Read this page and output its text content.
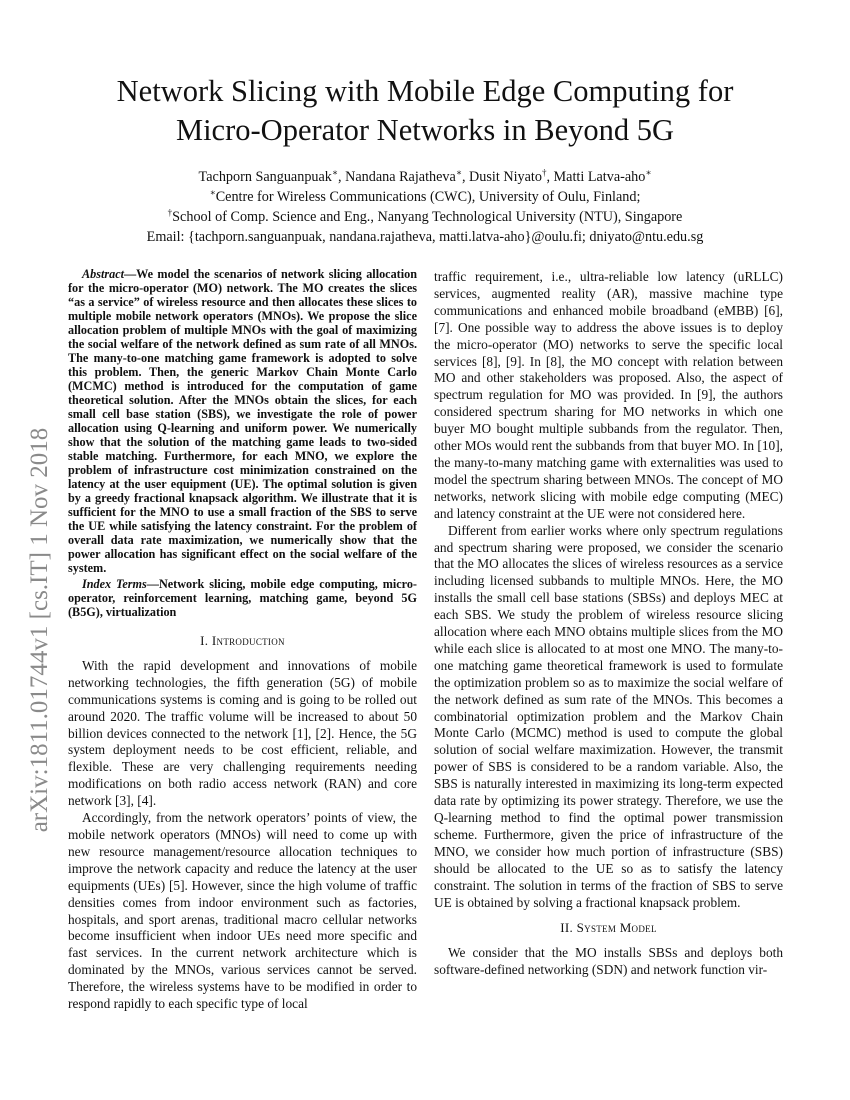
arXiv:1811.01744v1 [cs.IT] 1 Nov 2018
Network Slicing with Mobile Edge Computing for
Micro-Operator Networks in Beyond 5G
Tachporn Sanguanpuak∗, Nandana Rajatheva∗, Dusit Niyato†, Matti Latva-aho∗
∗Centre for Wireless Communications (CWC), University of Oulu, Finland;
†School of Comp. Science and Eng., Nanyang Technological University (NTU), Singapore
Email: {tachporn.sanguanpuak, nandana.rajatheva, matti.latva-aho}@oulu.fi; dniyato@ntu.edu.sg

Abstract—We model the scenarios of network slicing allocation for the micro-operator (MO) network. The MO creates the slices “as a service” of wireless resource and then allocates these slices to multiple mobile network operators (MNOs). We propose the slice allocation problem of multiple MNOs with the goal of maximizing the social welfare of the network defined as sum rate of all MNOs. The many-to-one matching game framework is adopted to solve this problem. Then, the generic Markov Chain Monte Carlo (MCMC) method is introduced for the computation of game theoretical solution. After the MNOs obtain the slices, for each small cell base station (SBS), we investigate the role of power allocation using Q-learning and uniform power. We numerically show that the solution of the matching game leads to two-sided stable matching. Furthermore, for each MNO, we explore the problem of infrastructure cost minimization constrained on the latency at the user equipment (UE). The optimal solution is given by a greedy fractional knapsack algorithm. We illustrate that it is sufficient for the MNO to use a small fraction of the SBS to serve the UE while satisfying the latency constraint. For the problem of overall data rate maximization, we numerically show that the power allocation has significant effect on the social welfare of the system.

Index Terms—Network slicing, mobile edge computing, micro-operator, reinforcement learning, matching game, beyond 5G (B5G), virtualization

I. Introduction

With the rapid development and innovations of mobile networking technologies, the fifth generation (5G) of mobile communications systems is coming and is going to be rolled out around 2020. The traffic volume will be increased to about 50 billion devices connected to the network [1], [2]. Hence, the 5G system deployment needs to be cost efficient, reliable, and flexible. These are very challenging requirements needing modifications on both radio access network (RAN) and core network [3], [4].

Accordingly, from the network operators’ points of view, the mobile network operators (MNOs) will need to come up with new resource management/resource allocation techniques to improve the network capacity and reduce the latency at the user equipments (UEs) [5]. However, since the high volume of traffic densities comes from indoor environment such as factories, hospitals, and sport arenas, traditional macro cellular networks become insufficient when indoor UEs need more specific and fast services. In the current network architecture which is dominated by the MNOs, various services cannot be served. Therefore, the wireless systems have to be modified in order to respond rapidly to each specific type of local

traffic requirement, i.e., ultra-reliable low latency (uRLLC) services, augmented reality (AR), massive machine type communications and enhanced mobile broadband (eMBB) [6], [7]. One possible way to address the above issues is to deploy the micro-operator (MO) networks to serve the specific local services [8], [9]. In [8], the MO concept with relation between MO and other stakeholders was proposed. Also, the aspect of spectrum regulation for MO was provided. In [9], the authors considered spectrum sharing for MO networks in which one buyer MO bought multiple subbands from the regulator. Then, other MOs would rent the subbands from that buyer MO. In [10], the many-to-many matching game with externalities was used to model the spectrum sharing between MNOs. The concept of MO networks, network slicing with mobile edge computing (MEC) and latency constraint at the UE were not considered here.

Different from earlier works where only spectrum regulations and spectrum sharing were proposed, we consider the scenario that the MO allocates the slices of wireless resources as a service including licensed subbands to multiple MNOs. Here, the MO installs the small cell base stations (SBSs) and deploys MEC at each SBS. We study the problem of wireless resource slicing allocation where each MNO obtains multiple slices from the MO while each slice is allocated to at most one MNO. The many-to-one matching game theoretical framework is used to formulate the optimization problem so as to maximize the social welfare of the network defined as sum rate of the MNOs. This becomes a combinatorial optimization problem and the Markov Chain Monte Carlo (MCMC) method is used to compute the global solution of social welfare maximization. However, the transmit power of SBS is considered to be a random variable. Also, the SBS is naturally interested in maximizing its long-term expected data rate by optimizing its power strategy. Therefore, we use the Q-learning method to find the optimal power transmission scheme. Furthermore, given the price of infrastructure of the MNO, we consider how much portion of infrastructure (SBS) should be allocated to the UE so as to satisfy the latency constraint. The solution in terms of the fraction of SBS to serve UE is obtained by solving a fractional knapsack problem.

II. System Model

We consider that the MO installs SBSs and deploys both software-defined networking (SDN) and network function vir-
